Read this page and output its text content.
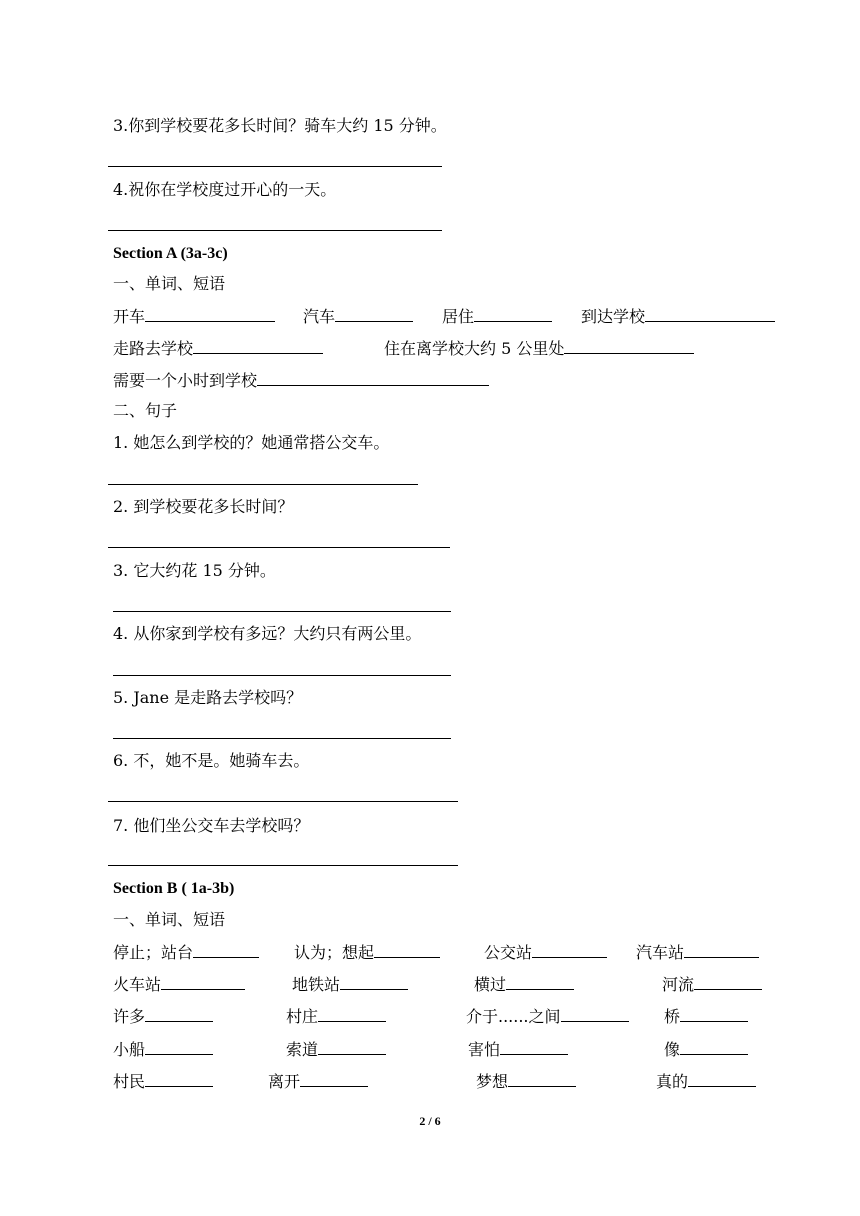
3.你到学校要花多长时间？骑车大约 15 分钟。
4.祝你在学校度过开心的一天。
Section A (3a-3c)
一、单词、短语
开车	汽车	居住	到达学校
走路去学校	住在离学校大约 5 公里处
需要一个小时到学校
二、句子
1. 她怎么到学校的？她通常搭公交车。
2. 到学校要花多长时间？
3. 它大约花 15 分钟。
4. 从你家到学校有多远？大约只有两公里。
5. Jane 是走路去学校吗？
6. 不，她不是。她骑车去。
7. 他们坐公交车去学校吗？
Section B ( 1a-3b)
一、单词、短语
停止；站台	认为；想起	公交站	汽车站
火车站	地铁站	横过	河流
许多	村庄	介于......之间	桥
小船	索道	害怕	像
村民	离开	梦想	真的
2 / 6
